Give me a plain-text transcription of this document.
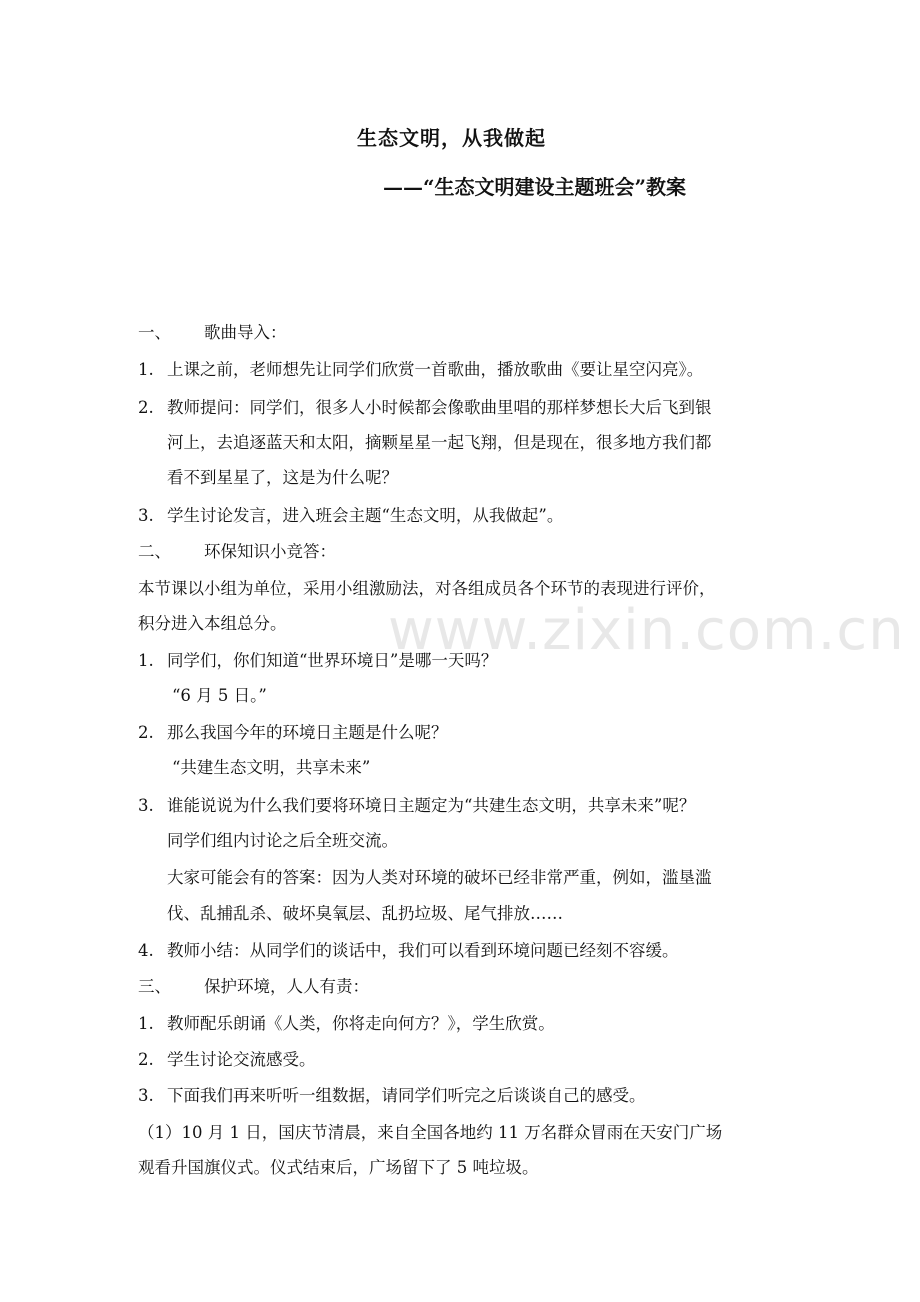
www.zixin.com.cn
生态文明，从我做起
——“生态文明建设主题班会”教案
一、 歌曲导入：
1. 上课之前，老师想先让同学们欣赏一首歌曲，播放歌曲《要让星空闪亮》。
2. 教师提问：同学们，很多人小时候都会像歌曲里唱的那样梦想长大后飞到银
河上，去追逐蓝天和太阳，摘颗星星一起飞翔，但是现在，很多地方我们都
看不到星星了，这是为什么呢？
3. 学生讨论发言，进入班会主题“生态文明，从我做起”。
二、 环保知识小竞答：
本节课以小组为单位，采用小组激励法，对各组成员各个环节的表现进行评价，
积分进入本组总分。
1. 同学们，你们知道“世界环境日”是哪一天吗？
“6 月 5 日。”
2. 那么我国今年的环境日主题是什么呢？
“共建生态文明，共享未来”
3. 谁能说说为什么我们要将环境日主题定为“共建生态文明，共享未来”呢？
同学们组内讨论之后全班交流。
大家可能会有的答案：因为人类对环境的破坏已经非常严重，例如，滥垦滥
伐、乱捕乱杀、破坏臭氧层、乱扔垃圾、尾气排放……
4. 教师小结：从同学们的谈话中，我们可以看到环境问题已经刻不容缓。
三、 保护环境，人人有责：
1. 教师配乐朗诵《人类，你将走向何方？》，学生欣赏。
2. 学生讨论交流感受。
3. 下面我们再来听听一组数据，请同学们听完之后谈谈自己的感受。
（1）10 月 1 日，国庆节清晨，来自全国各地约 11 万名群众冒雨在天安门广场
观看升国旗仪式。仪式结束后，广场留下了 5 吨垃圾。
